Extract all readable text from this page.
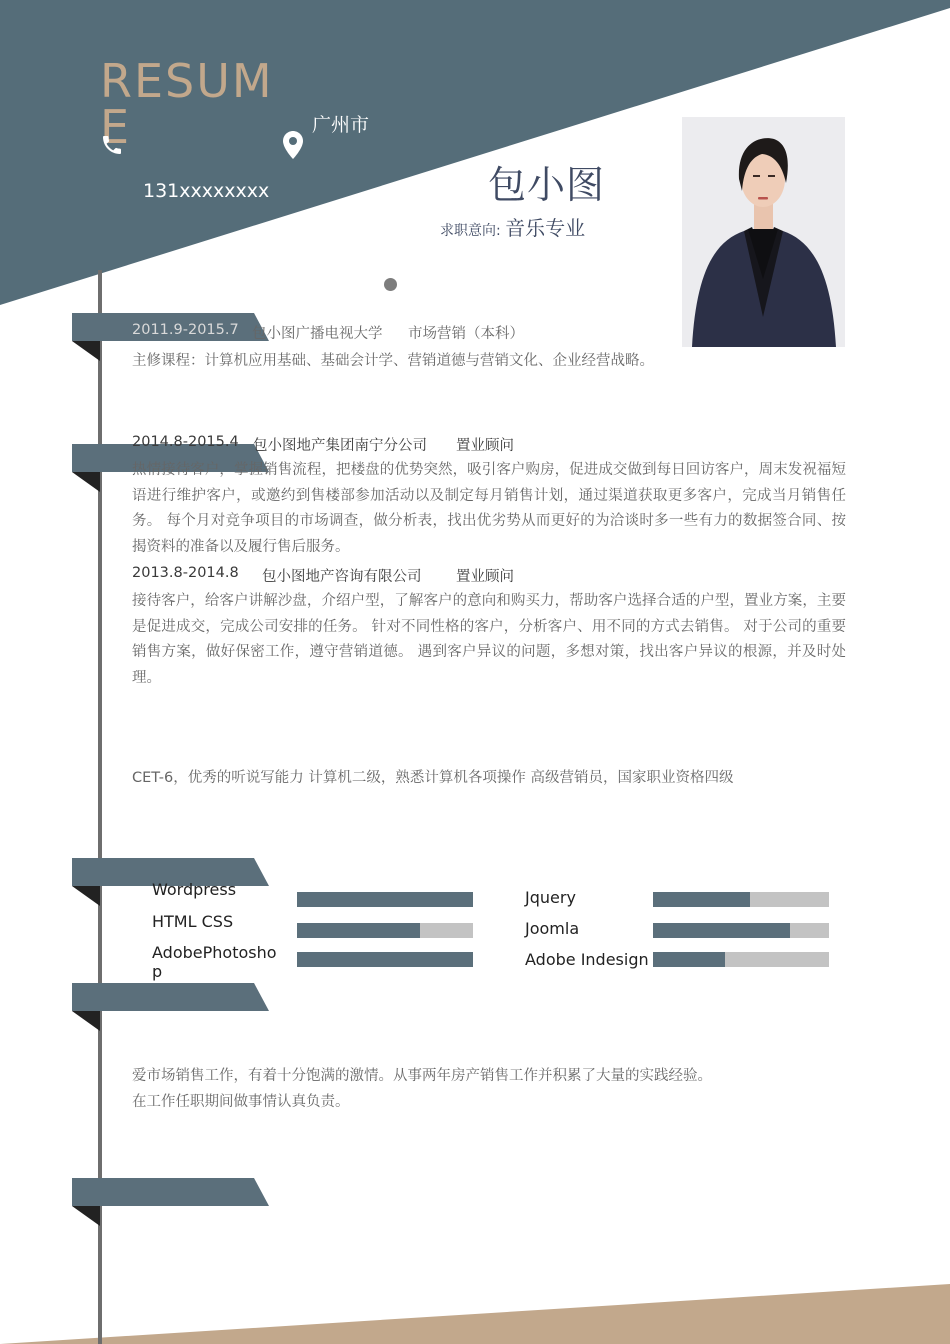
RESUME
131xxxxxxxx
广州市
包小图
求职意向: 音乐专业
2011.9-2015.7 包小图广播电视大学 市场营销（本科）
主修课程：计算机应用基础、基础会计学、营销道德与营销文化、企业经营战略。
2014.8-2015.4 包小图地产集团南宁分公司 置业顾问
热情接待客户，掌握销售流程，把楼盘的优势突然，吸引客户购房，促进成交做到每日回访客户，周末发祝福短语进行维护客户，或邀约到售楼部参加活动以及制定每月销售计划，通过渠道获取更多客户，完成当月销售任务。 每个月对竞争项目的市场调查，做分析表，找出优劣势从而更好的为洽谈时多一些有力的数据签合同、按揭资料的准备以及履行售后服务。
2013.8-2014.8 包小图地产咨询有限公司 置业顾问
接待客户，给客户讲解沙盘，介绍户型，了解客户的意向和购买力，帮助客户选择合适的户型，置业方案，主要是促进成交，完成公司安排的任务。 针对不同性格的客户，分析客户、用不同的方式去销售。 对于公司的重要销售方案，做好保密工作，遵守营销道德。 遇到客户异议的问题，多想对策，找出客户异议的根源，并及时处理。
CET-6，优秀的听说写能力 计算机二级，熟悉计算机各项操作 高级营销员，国家职业资格四级
Wordpress
HTML CSS
AdobePhotoshop
Jquery
Joomla
Adobe Indesign
爱市场销售工作，有着十分饱满的激情。从事两年房产销售工作并积累了大量的实践经验。
在工作任职期间做事情认真负责。
